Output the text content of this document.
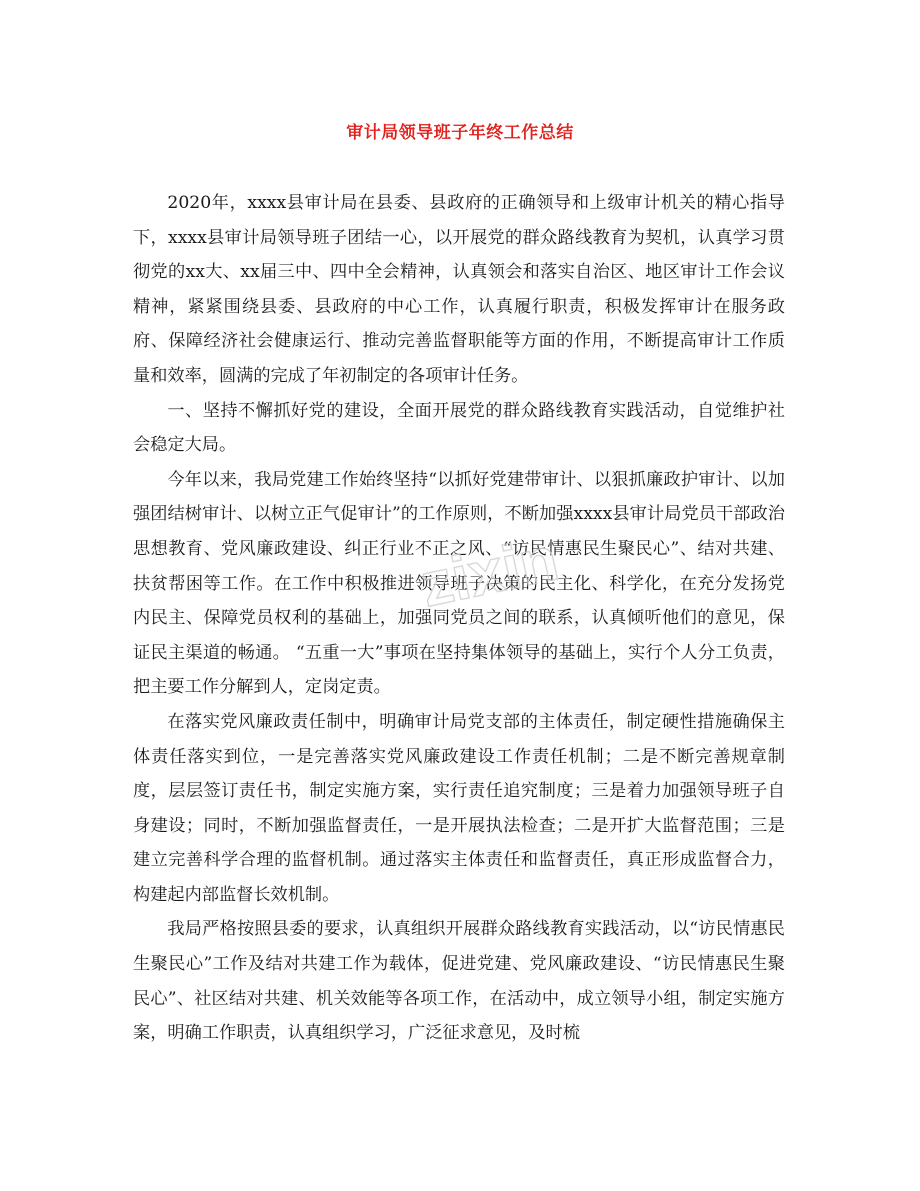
审计局领导班子年终工作总结

2020年，xxxx县审计局在县委、县政府的正确领导和上级审计机关的精心指导下，xxxx县审计局领导班子团结一心，以开展党的群众路线教育为契机，认真学习贯彻党的xx大、xx届三中、四中全会精神，认真领会和落实自治区、地区审计工作会议精神，紧紧围绕县委、县政府的中心工作，认真履行职责，积极发挥审计在服务政府、保障经济社会健康运行、推动完善监督职能等方面的作用，不断提高审计工作质量和效率，圆满的完成了年初制定的各项审计任务。

一、坚持不懈抓好党的建设，全面开展党的群众路线教育实践活动，自觉维护社会稳定大局。

今年以来，我局党建工作始终坚持“以抓好党建带审计、以狠抓廉政护审计、以加强团结树审计、以树立正气促审计”的工作原则，不断加强xxxx县审计局党员干部政治思想教育、党风廉政建设、纠正行业不正之风、“访民情惠民生聚民心”、结对共建、扶贫帮困等工作。在工作中积极推进领导班子决策的民主化、科学化，在充分发扬党内民主、保障党员权利的基础上，加强同党员之间的联系，认真倾听他们的意见，保证民主渠道的畅通。 “五重一大”事项在坚持集体领导的基础上，实行个人分工负责，把主要工作分解到人，定岗定责。

在落实党风廉政责任制中，明确审计局党支部的主体责任，制定硬性措施确保主体责任落实到位，一是完善落实党风廉政建设工作责任机制；二是不断完善规章制度，层层签订责任书，制定实施方案，实行责任追究制度；三是着力加强领导班子自身建设；同时，不断加强监督责任，一是开展执法检查；二是开扩大监督范围；三是建立完善科学合理的监督机制。通过落实主体责任和监督责任，真正形成监督合力，构建起内部监督长效机制。

我局严格按照县委的要求，认真组织开展群众路线教育实践活动，以“访民情惠民生聚民心”工作及结对共建工作为载体，促进党建、党风廉政建设、“访民情惠民生聚民心”、社区结对共建、机关效能等各项工作，在活动中，成立领导小组，制定实施方案，明确工作职责，认真组织学习，广泛征求意见，及时梳

zixin
